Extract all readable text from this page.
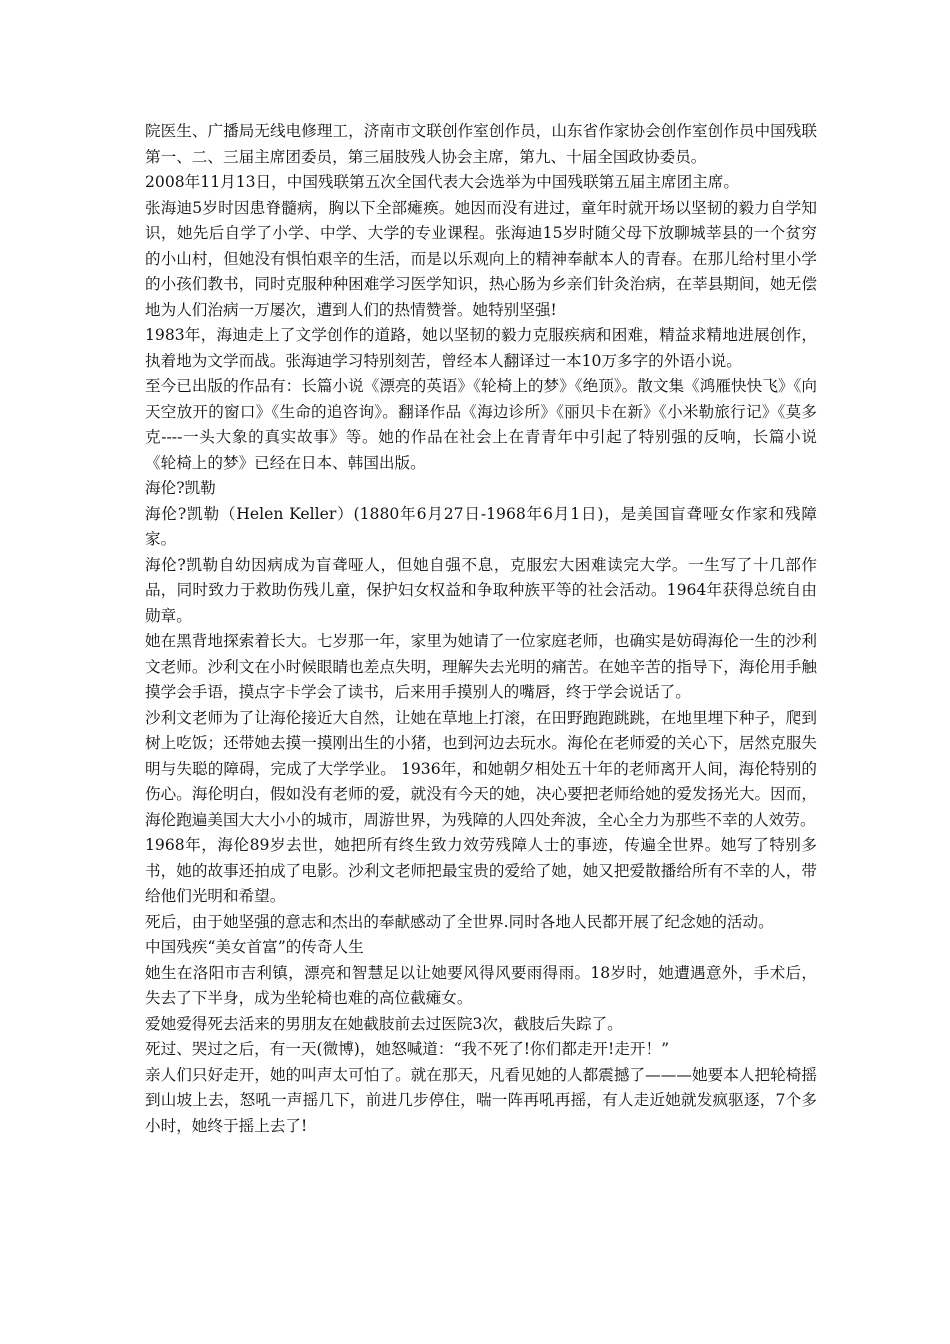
院医生、广播局无线电修理工，济南市文联创作室创作员，山东省作家协会创作室创作员中国残联第一、二、三届主席团委员，第三届肢残人协会主席，第九、十届全国政协委员。

2008年11月13日，中国残联第五次全国代表大会选举为中国残联第五届主席团主席。

张海迪5岁时因患脊髓病，胸以下全部瘫痪。她因而没有进过，童年时就开场以坚韧的毅力自学知识，她先后自学了小学、中学、大学的专业课程。张海迪15岁时随父母下放聊城莘县的一个贫穷的小山村，但她没有惧怕艰辛的生活，而是以乐观向上的精神奉献本人的青春。在那儿给村里小学的小孩们教书，同时克服种种困难学习医学知识，热心肠为乡亲们针灸治病，在莘县期间，她无偿地为人们治病一万屡次，遭到人们的热情赞誉。她特别坚强!

1983年，海迪走上了文学创作的道路，她以坚韧的毅力克服疾病和困难，精益求精地进展创作，执着地为文学而战。张海迪学习特别刻苦，曾经本人翻译过一本10万多字的外语小说。

至今已出版的作品有：长篇小说《漂亮的英语》《轮椅上的梦》《绝顶》。散文集《鸿雁快快飞》《向天空放开的窗口》《生命的追咨询》。翻译作品《海边诊所》《丽贝卡在新》《小米勒旅行记》《莫多克----一头大象的真实故事》等。她的作品在社会上在青青年中引起了特别强的反响，长篇小说《轮椅上的梦》已经在日本、韩国出版。

海伦?凯勒

海伦?凯勒（Helen Keller）(1880年6月27日-1968年6月1日)，是美国盲聋哑女作家和残障家。

海伦?凯勒自幼因病成为盲聋哑人，但她自强不息，克服宏大困难读完大学。一生写了十几部作品，同时致力于救助伤残儿童，保护妇女权益和争取种族平等的社会活动。1964年获得总统自由勋章。

她在黑背地探索着长大。七岁那一年，家里为她请了一位家庭老师，也确实是妨碍海伦一生的沙利文老师。沙利文在小时候眼睛也差点失明，理解失去光明的痛苦。在她辛苦的指导下，海伦用手触摸学会手语，摸点字卡学会了读书，后来用手摸别人的嘴唇，终于学会说话了。

沙利文老师为了让海伦接近大自然，让她在草地上打滚，在田野跑跑跳跳，在地里埋下种子，爬到树上吃饭；还带她去摸一摸刚出生的小猪，也到河边去玩水。海伦在老师爱的关心下，居然克服失明与失聪的障碍，完成了大学学业。 1936年，和她朝夕相处五十年的老师离开人间，海伦特别的伤心。海伦明白，假如没有老师的爱，就没有今天的她，决心要把老师给她的爱发扬光大。因而，海伦跑遍美国大大小小的城市，周游世界，为残障的人四处奔波，全心全力为那些不幸的人效劳。

1968年，海伦89岁去世，她把所有终生致力效劳残障人士的事迹，传遍全世界。她写了特别多书，她的故事还拍成了电影。沙利文老师把最宝贵的爱给了她，她又把爱散播给所有不幸的人，带给他们光明和希望。

死后，由于她坚强的意志和杰出的奉献感动了全世界.同时各地人民都开展了纪念她的活动。

中国残疾“美女首富”的传奇人生

她生在洛阳市吉利镇，漂亮和智慧足以让她要风得风要雨得雨。18岁时，她遭遇意外，手术后，失去了下半身，成为坐轮椅也难的高位截瘫女。

爱她爱得死去活来的男朋友在她截肢前去过医院3次，截肢后失踪了。

死过、哭过之后，有一天(微博)，她怒喊道：“我不死了!你们都走开!走开！”

亲人们只好走开，她的叫声太可怕了。就在那天，凡看见她的人都震撼了———她要本人把轮椅摇到山坡上去，怒吼一声摇几下，前进几步停住，喘一阵再吼再摇，有人走近她就发疯驱逐，7个多小时，她终于摇上去了!
